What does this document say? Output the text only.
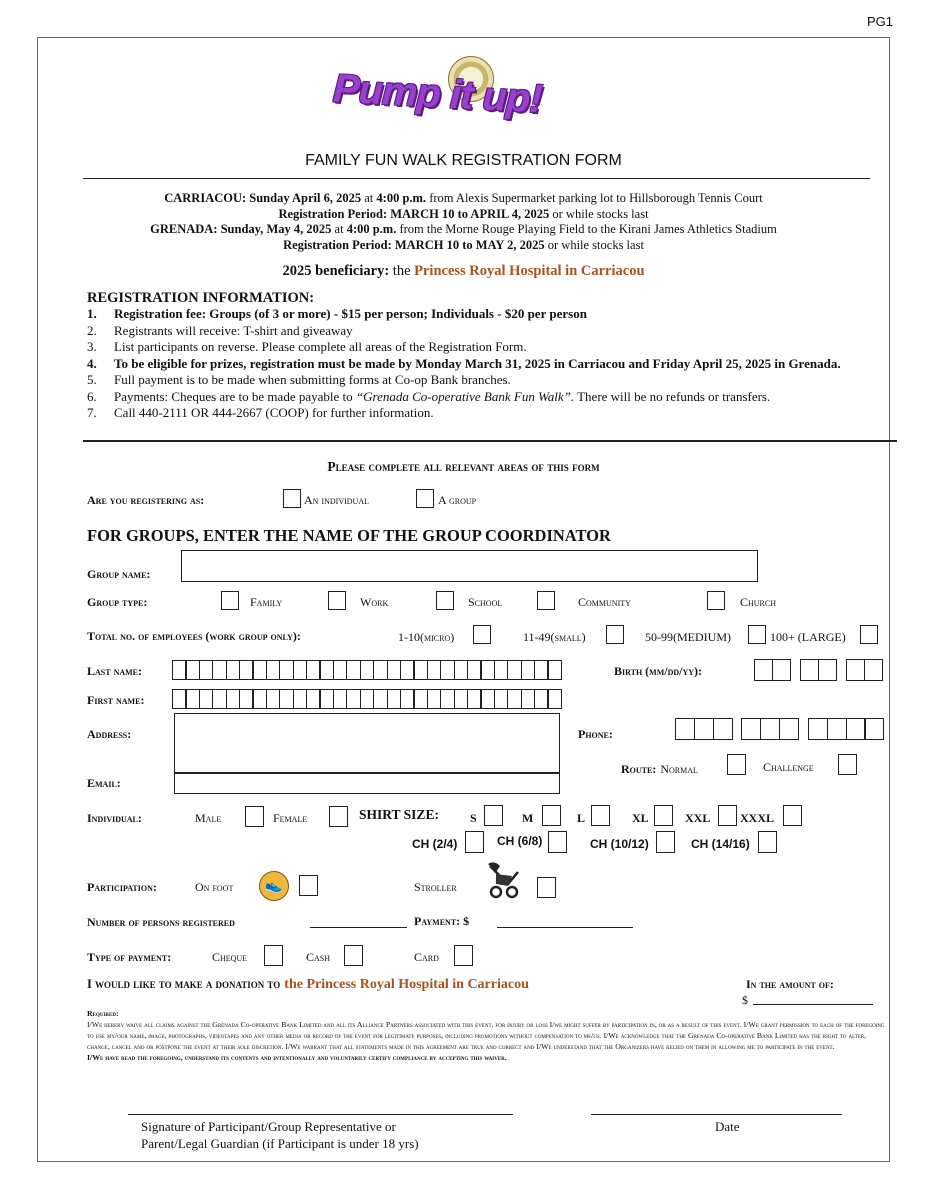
PG1
Pump it up!
FAMILY FUN WALK REGISTRATION FORM
CARRIACOU: Sunday April 6, 2025 at 4:00 p.m. from Alexis Supermarket parking lot to Hillsborough Tennis Court
Registration Period: MARCH 10 to APRIL 4, 2025 or while stocks last
GRENADA: Sunday, May 4, 2025 at 4:00 p.m. from the Morne Rouge Playing Field to the Kirani James Athletics Stadium
Registration Period: MARCH 10 to MAY 2, 2025 or while stocks last
2025 beneficiary: the Princess Royal Hospital in Carriacou
REGISTRATION INFORMATION:
1. Registration fee: Groups (of 3 or more) - $15 per person; Individuals - $20 per person
2. Registrants will receive: T-shirt and giveaway
3. List participants on reverse. Please complete all areas of the Registration Form.
4. To be eligible for prizes, registration must be made by Monday March 31, 2025 in Carriacou and Friday April 25, 2025 in Grenada.
5. Full payment is to be made when submitting forms at Co-op Bank branches.
6. Payments: Cheques are to be made payable to “Grenada Co-operative Bank Fun Walk”. There will be no refunds or transfers.
7. Call 440-2111 OR 444-2667 (COOP) for further information.
Please complete all relevant areas of this form
Are you registering as:	An individual	A group
FOR GROUPS, ENTER THE NAME OF THE GROUP COORDINATOR
Group name:
Group type:	Family	Work	School	Community	Church
Total no. of employees (work group only):	1-10(micro)	11-49(small)	50-99(MEDIUM)	100+ (LARGE)
Last name:	Birth (mm/dd/yy):
First name:
Address:	Phone:
Route: Normal	Challenge
Email:
Individual:	Male	Female	SHIRT SIZE:	S	M	L	XL	XXL XXXL
CH (2/4)	CH (6/8)	CH (10/12)	CH (14/16)
Participation:	On foot	👟	Stroller
Number of persons registered	Payment: $
Type of payment:	Cheque	Cash	Card
I would like to make a donation to the Princess Royal Hospital in Carriacou	In the amount of:
$

Required:

I/We hereby waive all claims against the Grenada Co-operative Bank Limited and all its Alliance Partners associated with this event, for injury or loss I/we might suffer by participation in, or as a result of this event. I/We grant permission to each of the foregoing to use my/our name, image, photographs, videotapes and any other media or record of the event for legitimate purposes, including promotions without compensation to me/us. I/We acknowledge that the Grenada Co-operative Bank Limited has the right to alter, change, cancel and or postpone the event at their sole discretion. I/We warrant that all statements made in this agreement are true and correct and I/We understand that the Organizers have relied on them in allowing me to participate in the event.

I/We have read the foregoing, understand its contents and intentionally and voluntarily certify compliance by accepting this waiver.

Signature of Participant/Group Representative or
Parent/Legal Guardian (if Participant is under 18 yrs)
Date
